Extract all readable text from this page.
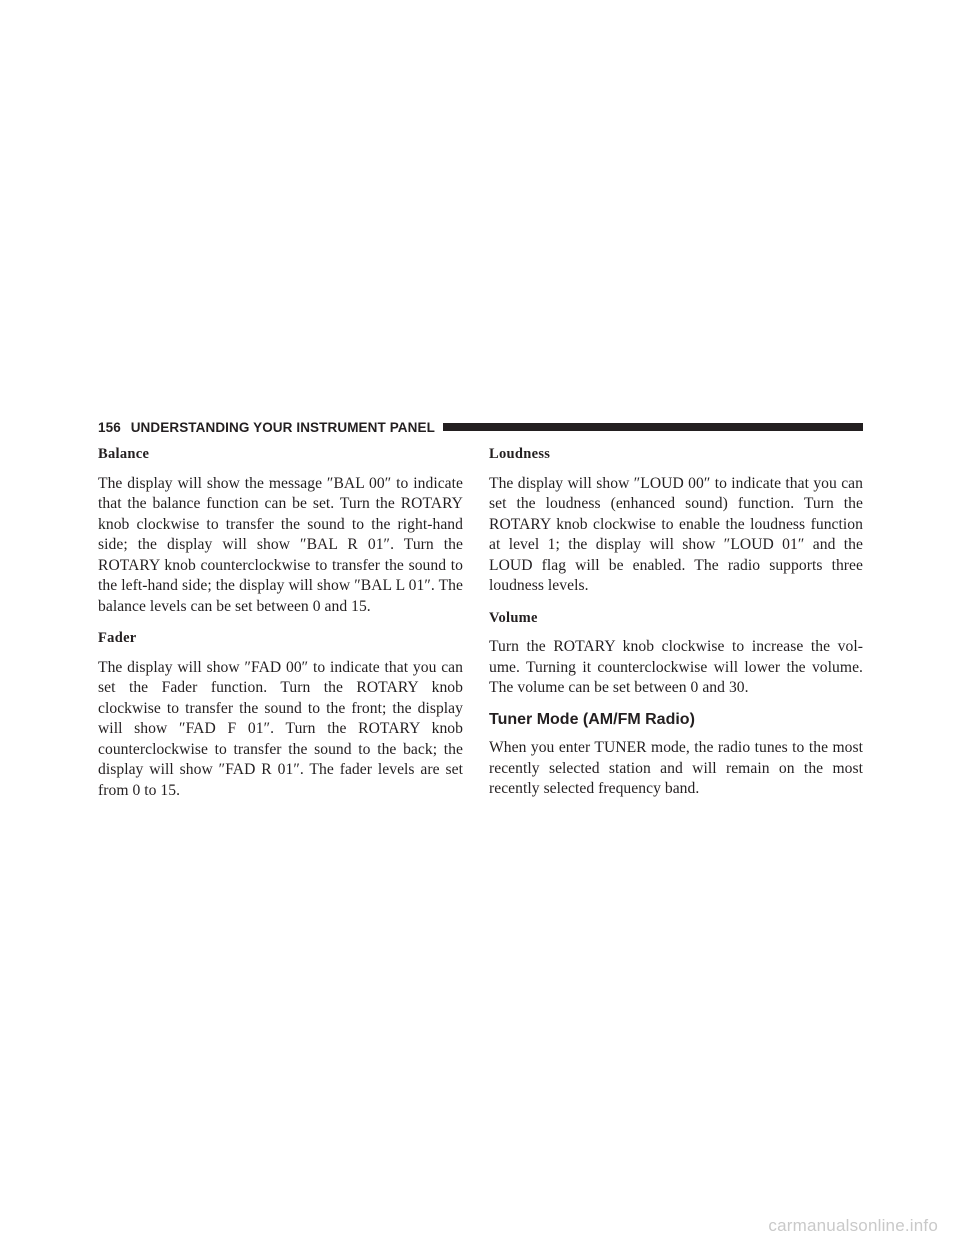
156 UNDERSTANDING YOUR INSTRUMENT PANEL
Balance

The display will show the message ″BAL 00″ to indicate that the balance function can be set. Turn the ROTARY knob clockwise to transfer the sound to the right-hand side; the display will show ″BAL R 01″. Turn the ROTARY knob counterclockwise to transfer the sound to the left-hand side; the display will show ″BAL L 01″. The balance levels can be set between 0 and 15.

Fader

The display will show ″FAD 00″ to indicate that you can set the Fader function. Turn the ROTARY knob clockwise to transfer the sound to the front; the display will show ″FAD F 01″. Turn the ROTARY knob counterclockwise to transfer the sound to the back; the display will show ″FAD R 01″. The fader levels are set from 0 to 15.

Loudness

The display will show ″LOUD 00″ to indicate that you can set the loudness (enhanced sound) function. Turn the ROTARY knob clockwise to enable the loudness function at level 1; the display will show ″LOUD 01″ and the LOUD flag will be enabled. The radio supports three loudness levels.

Volume

Turn the ROTARY knob clockwise to increase the vol-ume. Turning it counterclockwise will lower the volume. The volume can be set between 0 and 30.

Tuner Mode (AM/FM Radio)

When you enter TUNER mode, the radio tunes to the most recently selected station and will remain on the most recently selected frequency band.

carmanualsonline.info
